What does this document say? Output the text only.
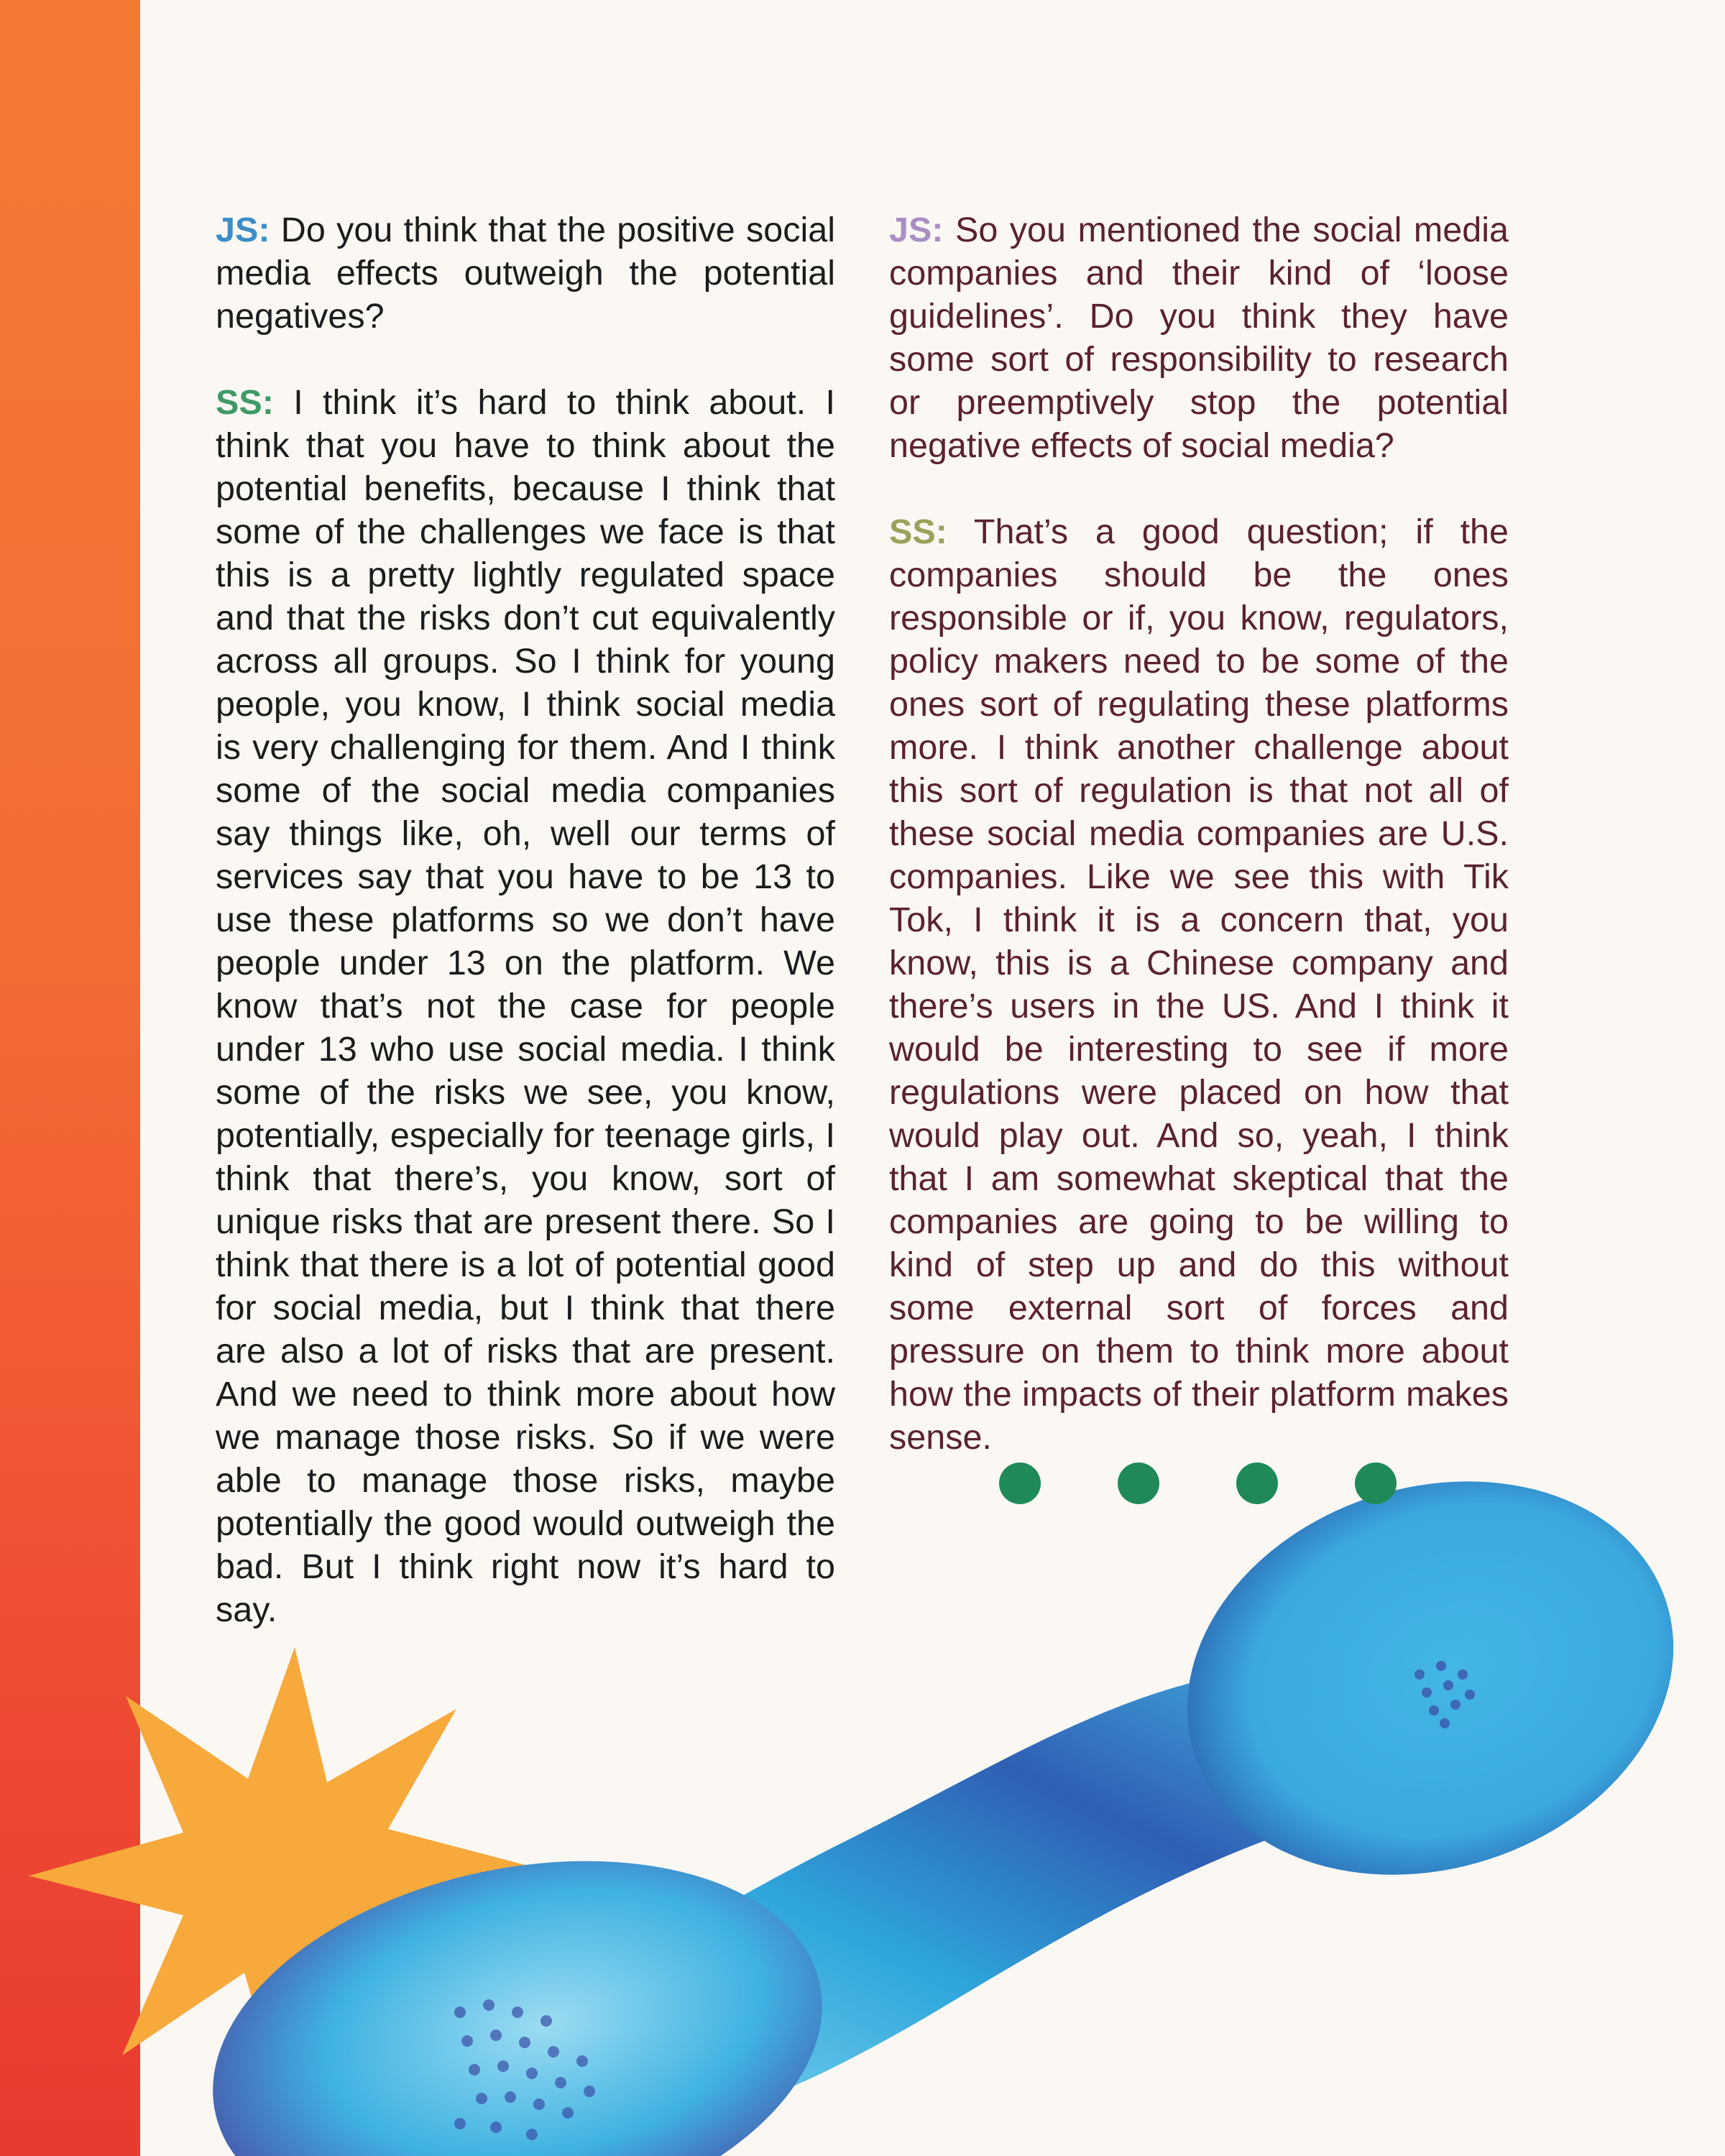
JS: Do you think that the positive social media effects outweigh the potential negatives?

SS: I think it’s hard to think about. I think that you have to think about the potential benefits, because I think that some of the challenges we face is that this is a pretty lightly regulated space and that the risks don’t cut equivalently across all groups. So I think for young people, you know, I think social media is very challenging for them. And I think some of the social media companies say things like, oh, well our terms of services say that you have to be 13 to use these platforms so we don’t have people under 13 on the platform. We know that’s not the case for people under 13 who use social media. I think some of the risks we see, you know, potentially, especially for teenage girls, I think that there’s, you know, sort of unique risks that are present there. So I think that there is a lot of potential good for social media, but I think that there are also a lot of risks that are present. And we need to think more about how we manage those risks. So if we were able to manage those risks, maybe potentially the good would outweigh the bad. But I think right now it’s hard to say.

JS: So you mentioned the social media companies and their kind of ‘loose guidelines’. Do you think they have some sort of responsibility to research or preemptively stop the potential negative effects of social media?

SS: That’s a good question; if the companies should be the ones responsible or if, you know, regulators, policy makers need to be some of the ones sort of regulating these platforms more. I think another challenge about this sort of regulation is that not all of these social media companies are U.S. companies. Like we see this with Tik Tok, I think it is a concern that, you know, this is a Chinese company and there’s users in the US. And I think it would be interesting to see if more regulations were placed on how that would play out. And so, yeah, I think that I am somewhat skeptical that the companies are going to be willing to kind of step up and do this without some external sort of forces and pressure on them to think more about how the impacts of their platform makes sense.
